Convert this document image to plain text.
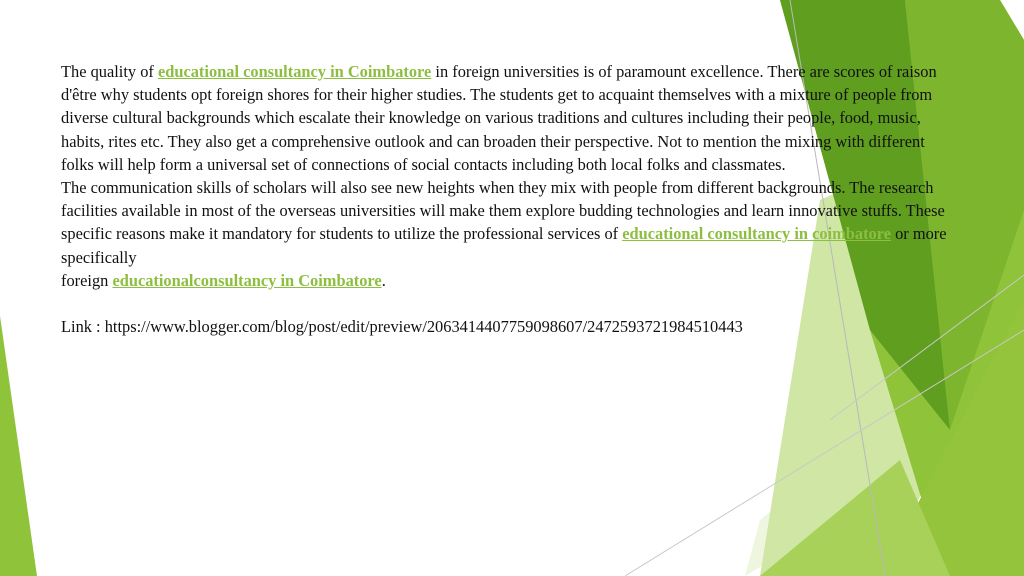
The quality of educational consultancy in Coimbatore in foreign universities is of paramount excellence. There are scores of raison d'être why students opt foreign shores for their higher studies. The students get to acquaint themselves with a mixture of people from diverse cultural backgrounds which escalate their knowledge on various traditions and cultures including their people, food, music, habits, rites etc. They also get a comprehensive outlook and can broaden their perspective. Not to mention the mixing with different folks will help form a universal set of connections of social contacts including both local folks and classmates.

The communication skills of scholars will also see new heights when they mix with people from different backgrounds. The research facilities available in most of the overseas universities will make them explore budding technologies and learn innovative stuffs. These specific reasons make it mandatory for students to utilize the professional services of educational consultancy in coimbatore or more specifically
foreign educationalconsultancy in Coimbatore.

Link : https://www.blogger.com/blog/post/edit/preview/2063414407759098607/2472593721984510443
